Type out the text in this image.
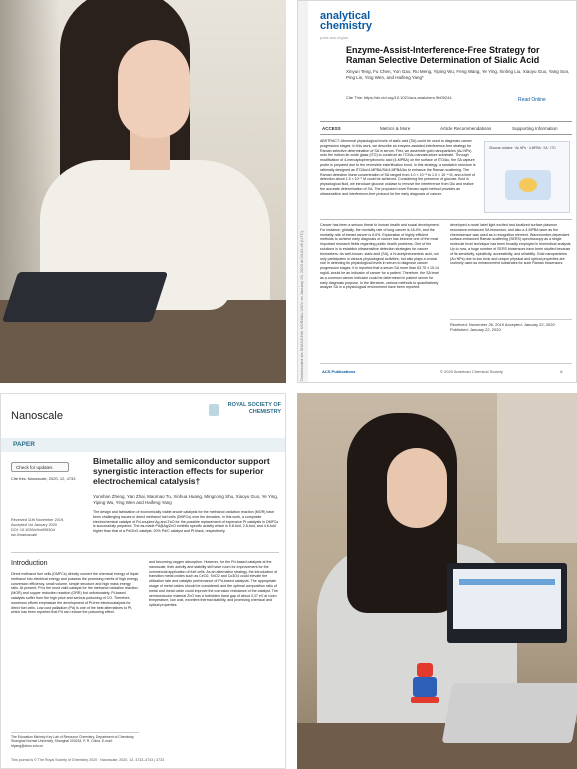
Downloaded via SHANGHAI NORMAL UNIV on January 26, 2020 at 04:41:46 (UTC).
analytical
chemistry
pubs.acs.org/ac
Enzyme-Assist-Interference-Free Strategy for Raman Selective Determination of Sialic Acid
Xinyun Teng, Fu Chen, Yun Gao, Ru Meng, Yiping Wu, Feng Wang, Ye Ying, Xinling Liu, Xiaoyu Guo, Yang Sun, Ping Lin, Ying Wen, and Haifeng Yang*
Cite This: https://dx.doi.org/10.1021/acs.analchem.9b05244	Read Online
ACCESS	Metrics & More	Article Recommendations	Supporting Information
ABSTRACT: Abnormal physiological levels of sialic acid (SA) could be used to diagnosis cancer progression stages. In this work, we describe an enzyme-assisted-interference-free strategy for Raman selective determination of SA in serum. First, we assemble gold nanoparticles (Au NPs) onto the indium tin oxide glass (ITO) to construct an ITO/Au nanostructure substrate. Through modification of 4-mercaptophenylboronic acid (4-MPBA) on the surface of ITO/Au, the SA capture probe is prepared due to the reversible esterification bond. In this strategy, a sandwich structure is rationally designed as ITO/Au/4-MPBA/SA/4-MPBA/Au to enhance the Raman scattering. The Raman detection linear concentration of SA ranged from 1.0 × 10⁻⁸ to 1.0 × 10⁻⁴ M, and a limit of detection about 1.5 × 10⁻⁹ M could be achieved. Considering the presence of glucose, fluid in physiological fluid, we introduce glucose oxidase to remove the interference from Glu and realize the accurate determination of SA. The proposed novel Raman rapid method provides an ultrasensitive and interference-free protocol for the early diagnosis of cancer.
Glucose oxidase · Au NPs · 4-MPBA · SA · ITO
Cancer has been a serious threat to human health and social development. For instance, globally, the mortality rate of lung cancer is 18.4%, and the mortality rate of breast cancer is 6.6%. Exploration of highly efficient methods to achieve early diagnosis of cancer has become one of the most important research fields regarding public health problems. One of the solutions is to establish ultrasensitive detection strategies for cancer biomarkers. As well-known, sialic acid (SA), a N-acetylneuraminic acid, not only participates in various physiological activities, but also plays a crucial role in detecting its physiological levels in serum to diagnose cancer progression stages. It is reported that a serum SA more than 63.75 ± 15.14 mg/dL would be an indicator of cancer for a patient. Therefore, the SA level as a common cancer indicator could be determined in patient serum for early diagnosis purpose. In the literature, various methods to quantitatively analyze SA in a physiological environment have been reported.
developed a novel label light excited and localized surface plasmon resonance-enhanced SA biosensor, and also a 4-MPBA laser as the chemosensor was used as a recognition element. Wavenumber-dependent surface-enhanced Raman scattering (SERS) spectroscopy as a single molecule level technique has been broadly employed in biomedical analysis. Up to now, a huge number of SERS biosensors have been studied because of its sensitivity, specificity, accessibility, and reliability. Gold nanoparticles (Au NPs) due to low toxic and unique physical and optical properties are routinely used as enhancement substrates for such Raman biosensors.
Received: November 26, 2019 Accepted: January 22, 2020 Published: January 22, 2020
ACS Publications	© 2020 American Chemical Society	A
Nanoscale
ROYAL SOCIETY OF CHEMISTRY
PAPER
Check for updates
Cite this: Nanoscale, 2020, 12, 4733
Bimetallic alloy and semiconductor support synergistic interaction effects for superior electrochemical catalysis†
Yunshan Zheng, Yan Zhai, Maomao Tu, Xinhua Huang, Mingcong Shu, Xiaoyu Guo, Ye Ying, Yiping Wu, Ying Wen and Haifeng Yang
The design and fabrication of economically viable anode catalysts for the methanol oxidation reaction (MOR) have been challenging issues in direct methanol fuel cells (DMFCs) over the decades. In this work, a composite electrochemical catalyst of Pd-coupled Ag and ZnO for the possible replacement of expensive Pt catalysts in DMFCs is successfully prepared. The as-made Pd@Ag/ZnO exhibits specific activity which is 5.8-fold, 2.8-fold, and 4.6-fold higher than that of a Pd/ZnO catalyst, 20% Pd/C catalyst and Pt black, respectively.
Received 11th November 2019,
Accepted 1st January 2020
DOI: 10.1039/c9nr09630d
rsc.li/nanoscale
Introduction
Direct methanol fuel cells (DMFCs) directly convert the chemical energy of liquid methanol into electrical energy and possess the promising merits of high energy conversion efficiency, small volume, simple structure and high mass energy ratio. At present, Pt is the most valid catalyst for the methanol oxidation reaction (MOR) and copper reduction reaction (ORR) but unfortunately, Pt-based catalysts suffer from the high price and serious poisoning of CO. Therefore, numerous efforts emphasize the development of Pt-free electrocatalysts for direct fuel cells. Low cost palladium (Pd) is one of the best alternatives to Pt, which has been reported that Pd can reduce the poisoning effect.
and becoming oxygen adsorption. However, for the Pd-based catalysts at the nanoscale, their activity and stability still have room for improvement for the commercial application of fuel cells. As an alternative strategy, the introduction of transition metal oxides such as CeO2, SnO2 and Co3O4 could elevate the utilization rate and catalytic performance of Pd-based catalysts. The appropriate usage of metal oxides should be considered and the optimal composition ratio of metal and metal oxide could improve the corrosion resistance of the catalyst. The semiconductor material ZnO has a forbidden band gap of about 3.37 eV at room temperature, low cost, excellent thermal stability, and promising chemical and optical properties.
The Education Ministry Key Lab of Resource Chemistry, Department of Chemistry, Shanghai Normal University, Shanghai 200234, P. R. China. E-mail: hfyang@shnu.edu.cn
This journal is © The Royal Society of Chemistry 2020 · Nanoscale, 2020, 12, 4733–4743 | 4733
